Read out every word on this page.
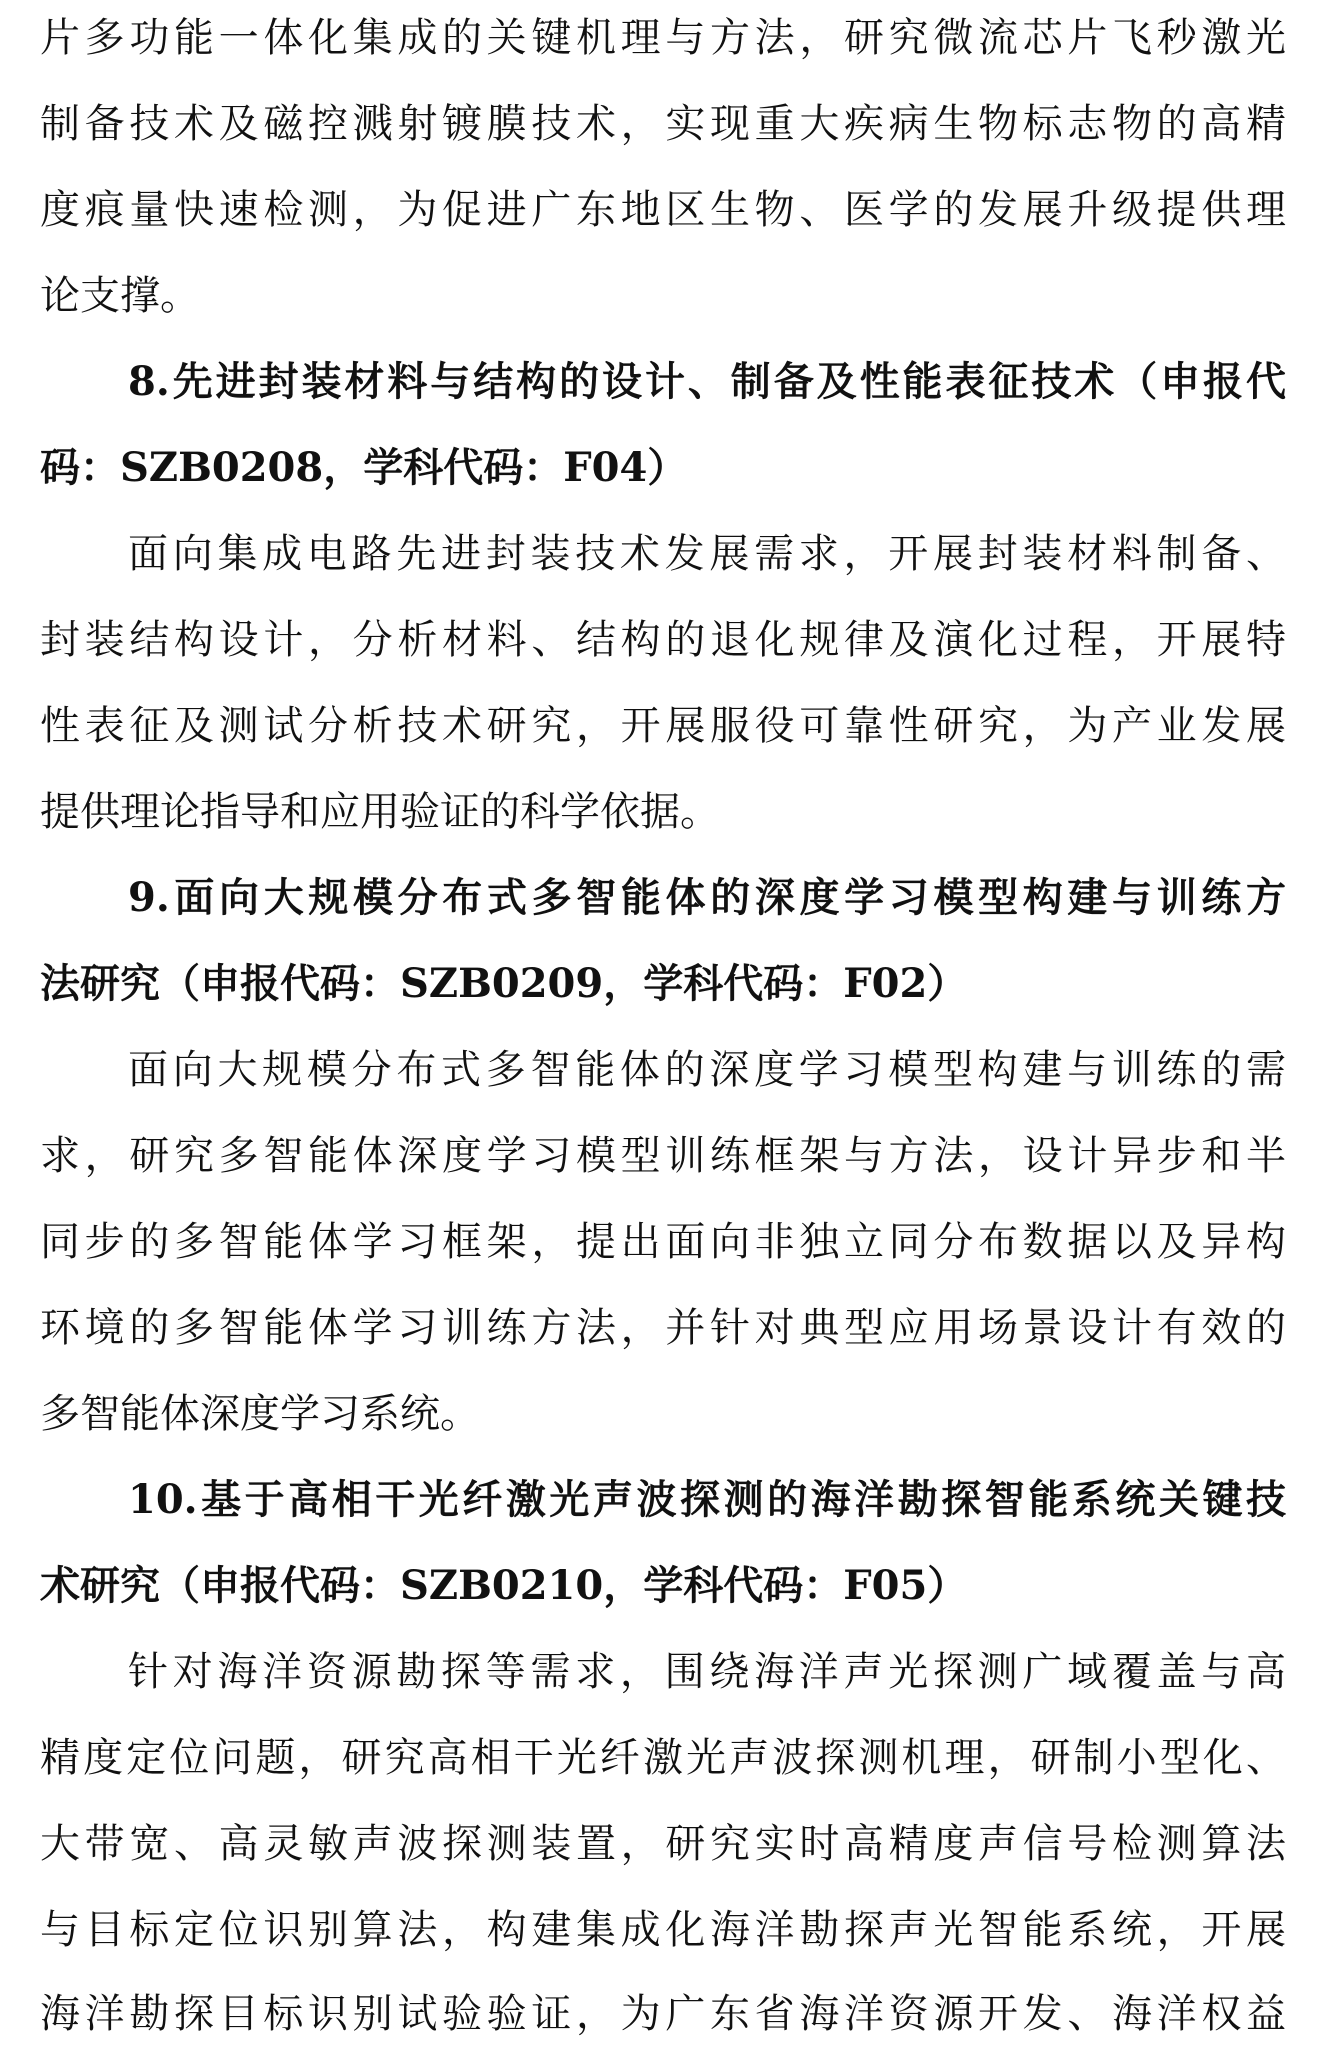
片多功能一体化集成的关键机理与方法，研究微流芯片飞秒激光
制备技术及磁控溅射镀膜技术，实现重大疾病生物标志物的高精
度痕量快速检测，为促进广东地区生物、医学的发展升级提供理
论支撑。
8.先进封装材料与结构的设计、制备及性能表征技术（申报代
码：SZB0208，学科代码：F04）
面向集成电路先进封装技术发展需求，开展封装材料制备、
封装结构设计，分析材料、结构的退化规律及演化过程，开展特
性表征及测试分析技术研究，开展服役可靠性研究，为产业发展
提供理论指导和应用验证的科学依据。
9.面向大规模分布式多智能体的深度学习模型构建与训练方
法研究（申报代码：SZB0209，学科代码：F02）
面向大规模分布式多智能体的深度学习模型构建与训练的需
求，研究多智能体深度学习模型训练框架与方法，设计异步和半
同步的多智能体学习框架，提出面向非独立同分布数据以及异构
环境的多智能体学习训练方法，并针对典型应用场景设计有效的
多智能体深度学习系统。
10.基于高相干光纤激光声波探测的海洋勘探智能系统关键技
术研究（申报代码：SZB0210，学科代码：F05）
针对海洋资源勘探等需求，围绕海洋声光探测广域覆盖与高
精度定位问题，研究高相干光纤激光声波探测机理，研制小型化、
大带宽、高灵敏声波探测装置，研究实时高精度声信号检测算法
与目标定位识别算法，构建集成化海洋勘探声光智能系统，开展
海洋勘探目标识别试验验证，为广东省海洋资源开发、海洋权益
